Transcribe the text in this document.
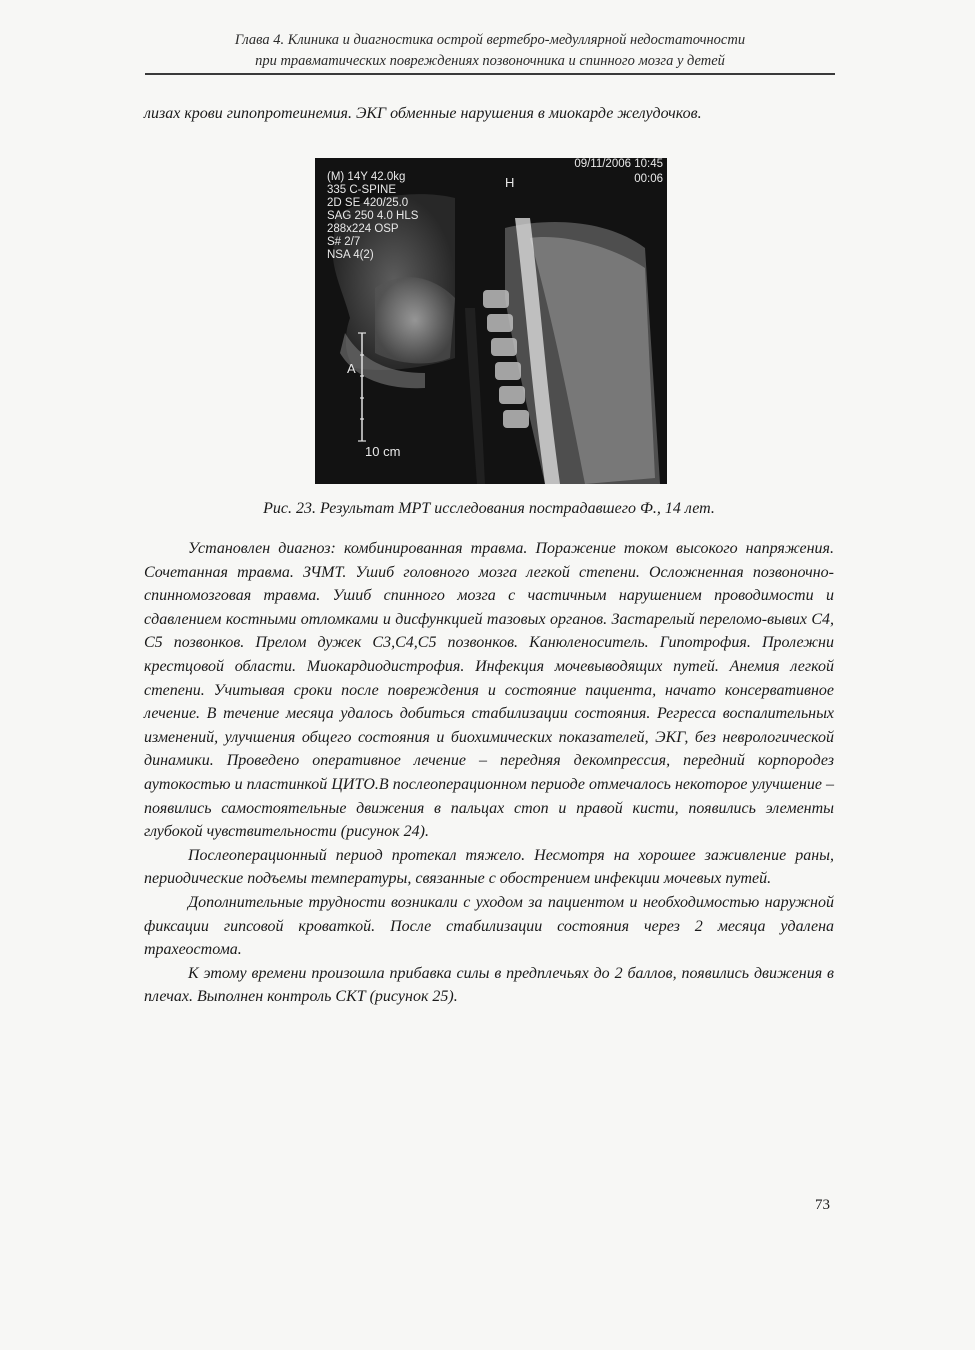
Глава 4. Клиника и диагностика острой вертебро-медуллярной недостаточности
при травматических повреждениях позвоночника и спинного мозга у детей

лизах крови гипопротеинемия. ЭКГ обменные нарушения в миокарде желудочков.

(M) 14Y 42.0kg
335 C-SPINE
2D SE 420/25.0
SAG 250 4.0 HLS
288x224 OSP
S# 2/7
NSA 4(2)
09/11/2006 10:45
00:06
H
A
10 cm
Рис. 23. Результат МРТ исследования пострадавшего Ф., 14 лет.

Установлен диагноз: комбинированная травма. Поражение током высокого напряжения. Сочетанная травма. ЗЧМТ. Ушиб головного мозга легкой степени. Осложненная позвоночно-спинномозговая травма. Ушиб спинного мозга с частичным нарушением проводимости и сдавлением костными отломками и дисфункцией тазовых органов. Застарелый переломо-вывих С4, С5 позвонков. Прелом дужек С3,С4,С5 позвонков. Канюленоситель. Гипотрофия. Пролежни крестцовой области. Миокардиодистрофия. Инфекция мочевыводящих путей. Анемия легкой степени. Учитывая сроки после повреждения и состояние пациента, начато консервативное лечение. В течение месяца удалось добиться стабилизации состояния. Регресса воспалительных изменений, улучшения общего состояния и биохимических показателей, ЭКГ, без неврологической динамики. Проведено оперативное лечение – передняя декомпрессия, передний корпородез аутокостью и пластинкой ЦИТО.В послеоперационном периоде отмечалось некоторое улучшение – появились самостоятельные движения в пальцах стоп и правой кисти, появились элементы глубокой чувствительности (рисунок 24).

Послеоперационный период протекал тяжело. Несмотря на хорошее заживление раны, периодические подъемы температуры, связанные с обострением инфекции мочевых путей.

Дополнительные трудности возникали с уходом за пациентом и необходимостью наружной фиксации гипсовой кроваткой. После стабилизации состояния через 2 месяца удалена трахеостома.

К этому времени произошла прибавка силы в предплечьях до 2 баллов, появились движения в плечах. Выполнен контроль СКТ (рисунок 25).

73
